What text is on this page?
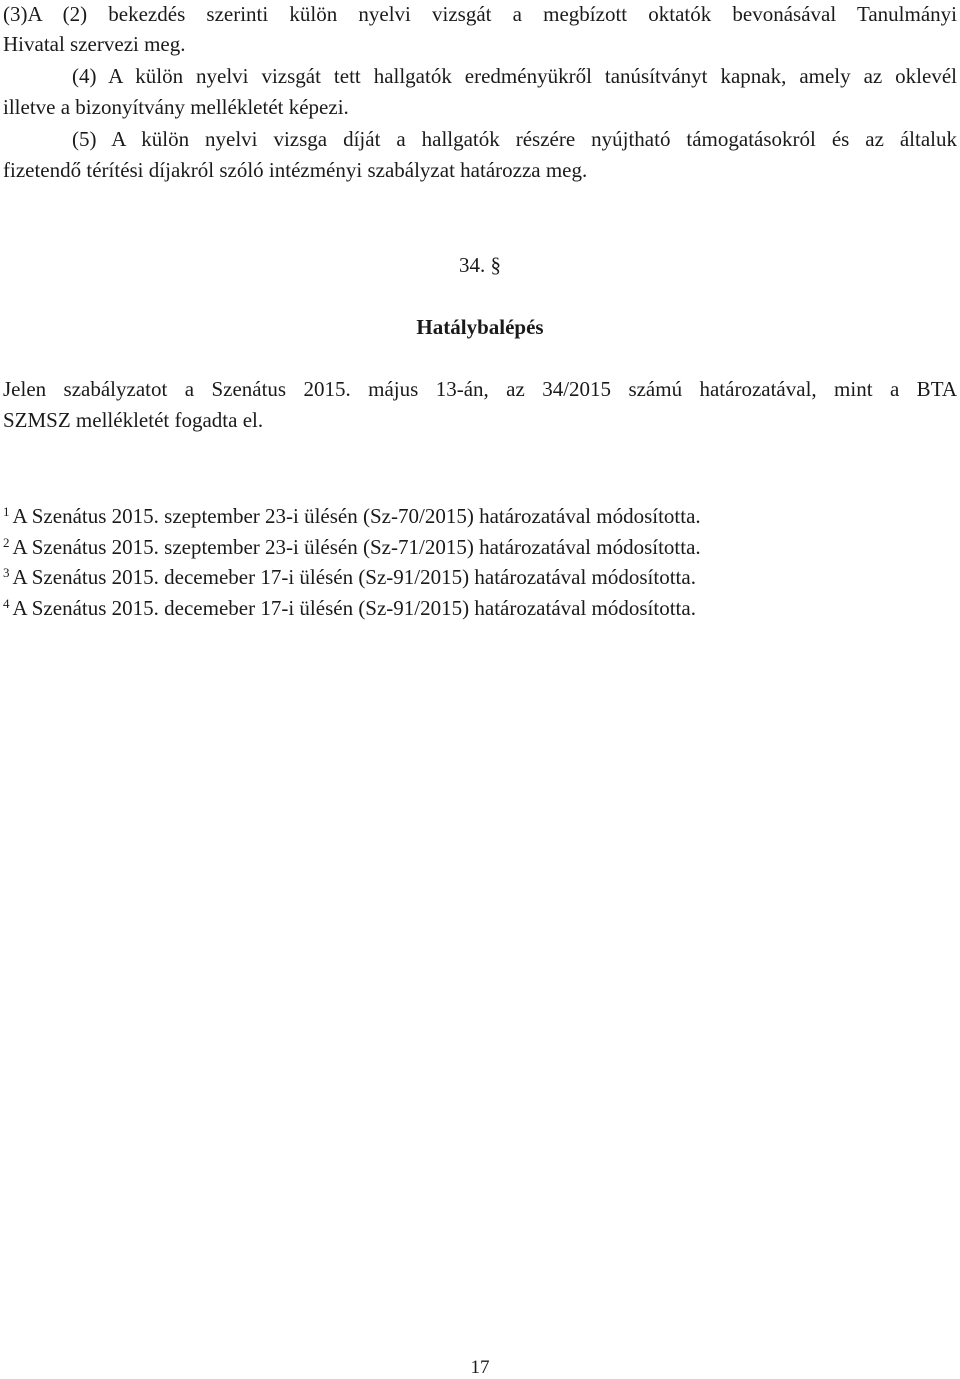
(3)A (2) bekezdés szerinti külön nyelvi vizsgát a megbízott oktatók bevonásával Tanulmányi
Hivatal szervezi meg.
(4) A külön nyelvi vizsgát tett hallgatók eredményükről tanúsítványt kapnak, amely az oklevél
illetve a bizonyítvány mellékletét képezi.
(5) A külön nyelvi vizsga díját a hallgatók részére nyújtható támogatásokról és az általuk
fizetendő térítési díjakról szóló intézményi szabályzat határozza meg.
34. §
Hatálybalépés
Jelen szabályzatot a Szenátus 2015. május 13-án, az 34/2015 számú határozatával, mint a BTA
SZMSZ mellékletét fogadta el.
$^1$ A Szenátus 2015. szeptember 23-i ülésén (Sz-70/2015) határozatával módosította.
$^2$ A Szenátus 2015. szeptember 23-i ülésén (Sz-71/2015) határozatával módosította.
$^3$ A Szenátus 2015. decemeber 17-i ülésén (Sz-91/2015) határozatával módosította.
$^4$ A Szenátus 2015. decemeber 17-i ülésén (Sz-91/2015) határozatával módosította.
17
